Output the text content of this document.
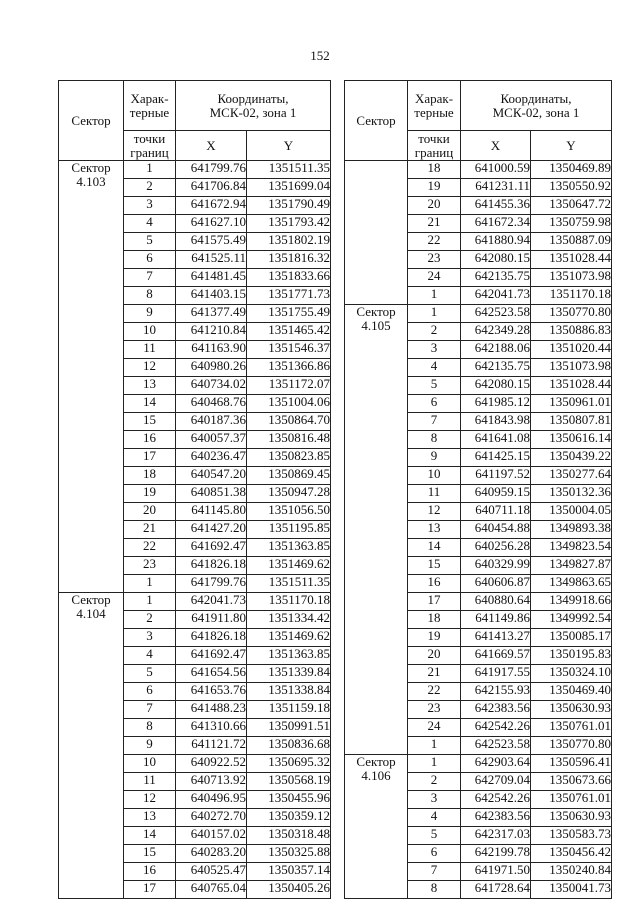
152
Сектор	Харак-
терные	Координаты,
МСК-02, зона 1	
	точки
границ	X	Y
Сектор
4.103	1	641799.76	1351511.35
	2	641706.84	1351699.04
	3	641672.94	1351790.49
	4	641627.10	1351793.42
	5	641575.49	1351802.19
	6	641525.11	1351816.32
	7	641481.45	1351833.66
	8	641403.15	1351771.73
	9	641377.49	1351755.49
	10	641210.84	1351465.42
	11	641163.90	1351546.37
	12	640980.26	1351366.86
	13	640734.02	1351172.07
	14	640468.76	1351004.06
	15	640187.36	1350864.70
	16	640057.37	1350816.48
	17	640236.47	1350823.85
	18	640547.20	1350869.45
	19	640851.38	1350947.28
	20	641145.80	1351056.50
	21	641427.20	1351195.85
	22	641692.47	1351363.85
	23	641826.18	1351469.62
	1	641799.76	1351511.35
Сектор
4.104	1	642041.73	1351170.18
	2	641911.80	1351334.42
	3	641826.18	1351469.62
	4	641692.47	1351363.85
	5	641654.56	1351339.84
	6	641653.76	1351338.84
	7	641488.23	1351159.18
	8	641310.66	1350991.51
	9	641121.72	1350836.68
	10	640922.52	1350695.32
	11	640713.92	1350568.19
	12	640496.95	1350455.96
	13	640272.70	1350359.12
	14	640157.02	1350318.48
	15	640283.20	1350325.88
	16	640525.47	1350357.14
	17	640765.04	1350405.26
Сектор	Харак-
терные	Координаты,
МСК-02, зона 1	
	точки
границ	X	Y
	18	641000.59	1350469.89
	19	641231.11	1350550.92
	20	641455.36	1350647.72
	21	641672.34	1350759.98
	22	641880.94	1350887.09
	23	642080.15	1351028.44
	24	642135.75	1351073.98
	1	642041.73	1351170.18
Сектор
4.105	1	642523.58	1350770.80
	2	642349.28	1350886.83
	3	642188.06	1351020.44
	4	642135.75	1351073.98
	5	642080.15	1351028.44
	6	641985.12	1350961.01
	7	641843.98	1350807.81
	8	641641.08	1350616.14
	9	641425.15	1350439.22
	10	641197.52	1350277.64
	11	640959.15	1350132.36
	12	640711.18	1350004.05
	13	640454.88	1349893.38
	14	640256.28	1349823.54
	15	640329.99	1349827.87
	16	640606.87	1349863.65
	17	640880.64	1349918.66
	18	641149.86	1349992.54
	19	641413.27	1350085.17
	20	641669.57	1350195.83
	21	641917.55	1350324.10
	22	642155.93	1350469.40
	23	642383.56	1350630.93
	24	642542.26	1350761.01
	1	642523.58	1350770.80
Сектор
4.106	1	642903.64	1350596.41
	2	642709.04	1350673.66
	3	642542.26	1350761.01
	4	642383.56	1350630.93
	5	642317.03	1350583.73
	6	642199.78	1350456.42
	7	641971.50	1350240.84
	8	641728.64	1350041.73
